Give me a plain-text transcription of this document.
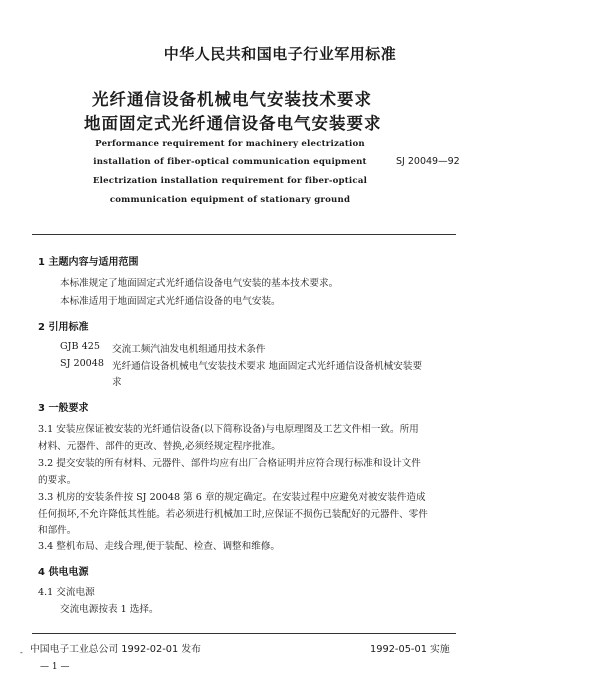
中华人民共和国电子行业军用标准
光纤通信设备机械电气安装技术要求
地面固定式光纤通信设备电气安装要求
Performance requirement for machinery electrization
installation of fiber-optical communication equipment
Electrization installation requirement for fiber-optical
communication equipment of stationary ground
SJ 20049—92
1 主题内容与适用范围
本标准规定了地面固定式光纤通信设备电气安装的基本技术要求。
本标准适用于地面固定式光纤通信设备的电气安装。
2 引用标准
GJB 425 交流工频汽油发电机组通用技术条件
SJ 20048 光纤通信设备机械电气安装技术要求 地面固定式光纤通信设备机械安装要
求
3 一般要求
3.1 安装应保证被安装的光纤通信设备(以下简称设备)与电原理图及工艺文件相一致。所用
材料、元器件、部件的更改、替换,必须经规定程序批准。
3.2 提交安装的所有材料、元器件、部件均应有出厂合格证明并应符合现行标准和设计文件
的要求。
3.3 机房的安装条件按 SJ 20048 第 6 章的规定确定。在安装过程中应避免对被安装件造成
任何损坏,不允许降低其性能。若必须进行机械加工时,应保证不损伤已装配好的元器件、零件
和部件。
3.4 整机布局、走线合理,便于装配、检查、调整和维修。
4 供电电源
4.1 交流电源
交流电源按表 1 选择。
- 中国电子工业总公司 1992-02-01 发布	1992-05-01 实施
— 1 —
